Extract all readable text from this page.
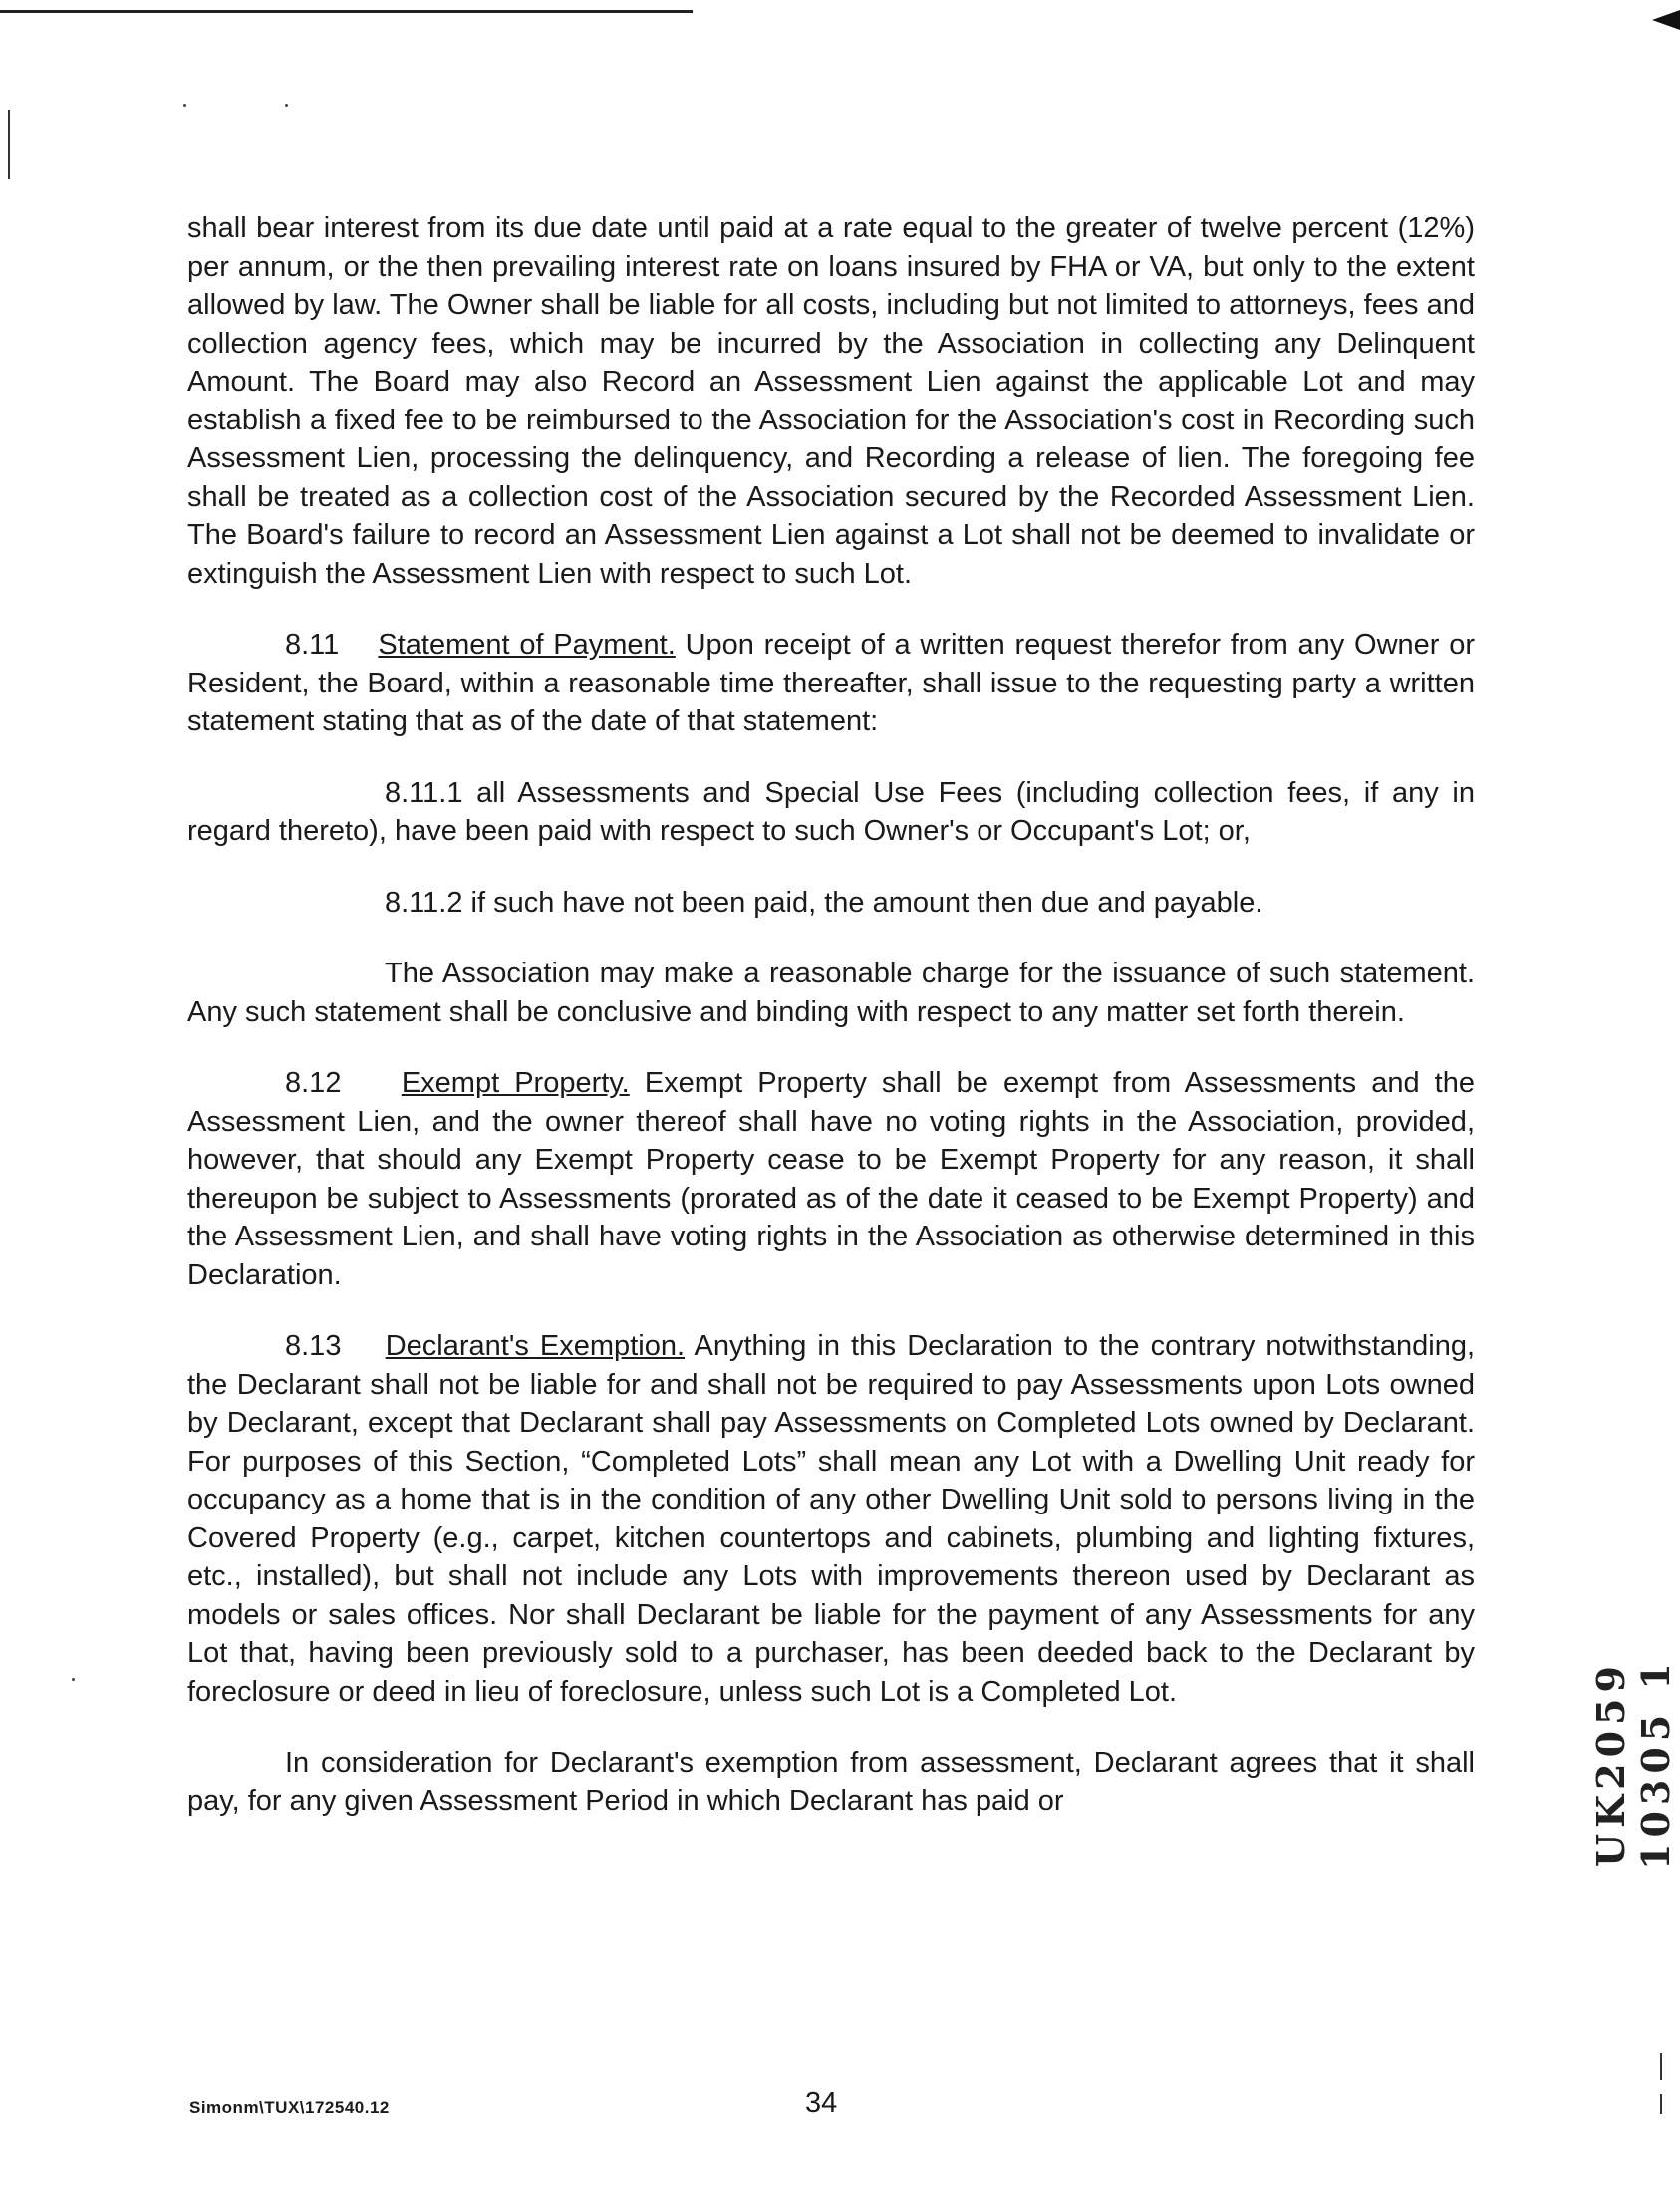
shall bear interest from its due date until paid at a rate equal to the greater of twelve percent (12%) per annum, or the then prevailing interest rate on loans insured by FHA or VA, but only to the extent allowed by law. The Owner shall be liable for all costs, including but not limited to attorneys, fees and collection agency fees, which may be incurred by the Association in collecting any Delinquent Amount. The Board may also Record an Assessment Lien against the applicable Lot and may establish a fixed fee to be reimbursed to the Association for the Association's cost in Recording such Assessment Lien, processing the delinquency, and Recording a release of lien. The foregoing fee shall be treated as a collection cost of the Association secured by the Recorded Assessment Lien. The Board's failure to record an Assessment Lien against a Lot shall not be deemed to invalidate or extinguish the Assessment Lien with respect to such Lot.

8.11 Statement of Payment. Upon receipt of a written request therefor from any Owner or Resident, the Board, within a reasonable time thereafter, shall issue to the requesting party a written statement stating that as of the date of that statement:

8.11.1 all Assessments and Special Use Fees (including collection fees, if any in regard thereto), have been paid with respect to such Owner's or Occupant's Lot; or,

8.11.2 if such have not been paid, the amount then due and payable.

The Association may make a reasonable charge for the issuance of such statement. Any such statement shall be conclusive and binding with respect to any matter set forth therein.

8.12 Exempt Property. Exempt Property shall be exempt from Assessments and the Assessment Lien, and the owner thereof shall have no voting rights in the Association, provided, however, that should any Exempt Property cease to be Exempt Property for any reason, it shall thereupon be subject to Assessments (prorated as of the date it ceased to be Exempt Property) and the Assessment Lien, and shall have voting rights in the Association as otherwise determined in this Declaration.

8.13 Declarant's Exemption. Anything in this Declaration to the contrary notwithstanding, the Declarant shall not be liable for and shall not be required to pay Assessments upon Lots owned by Declarant, except that Declarant shall pay Assessments on Completed Lots owned by Declarant. For purposes of this Section, “Completed Lots” shall mean any Lot with a Dwelling Unit ready for occupancy as a home that is in the condition of any other Dwelling Unit sold to persons living in the Covered Property (e.g., carpet, kitchen countertops and cabinets, plumbing and lighting fixtures, etc., installed), but shall not include any Lots with improvements thereon used by Declarant as models or sales offices. Nor shall Declarant be liable for the payment of any Assessments for any Lot that, having been previously sold to a purchaser, has been deeded back to the Declarant by foreclosure or deed in lieu of foreclosure, unless such Lot is a Completed Lot.

In consideration for Declarant's exemption from assessment, Declarant agrees that it shall pay, for any given Assessment Period in which Declarant has paid or

Simonm\TUX\172540.12	34
UK2059 10305 1
